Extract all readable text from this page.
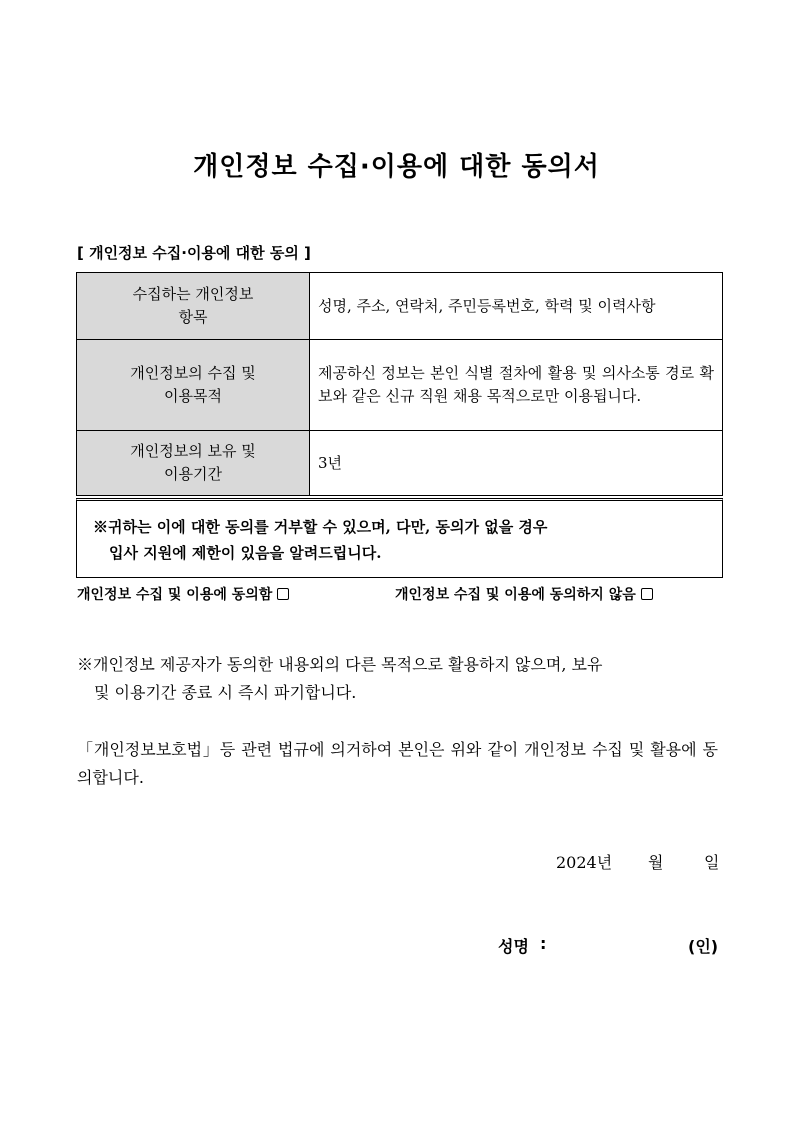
개인정보 수집·이용에 대한 동의서
[ 개인정보 수집·이용에 대한 동의 ]
수집하는 개인정보
항목	성명, 주소, 연락처, 주민등록번호, 학력 및 이력사항

개인정보의 수집 및
이용목적	제공하신 정보는 본인 식별 절차에 활용 및 의사소통 경로 확보와 같은 신규 직원 채용 목적으로만 이용됩니다.

개인정보의 보유 및
이용기간	3년
※귀하는 이에 대한 동의를 거부할 수 있으며, 다만, 동의가 없을 경우
입사 지원에 제한이 있음을 알려드립니다.
개인정보 수집 및 이용에 동의함	개인정보 수집 및 이용에 동의하지 않음
※개인정보 제공자가 동의한 내용외의 다른 목적으로 활용하지 않으며, 보유
및 이용기간 종료 시 즉시 파기합니다.
「개인정보보호법」등 관련 법규에 의거하여 본인은 위와 같이 개인정보 수집 및 활용에 동의합니다.
2024년 월	일
성명 :	(인)
